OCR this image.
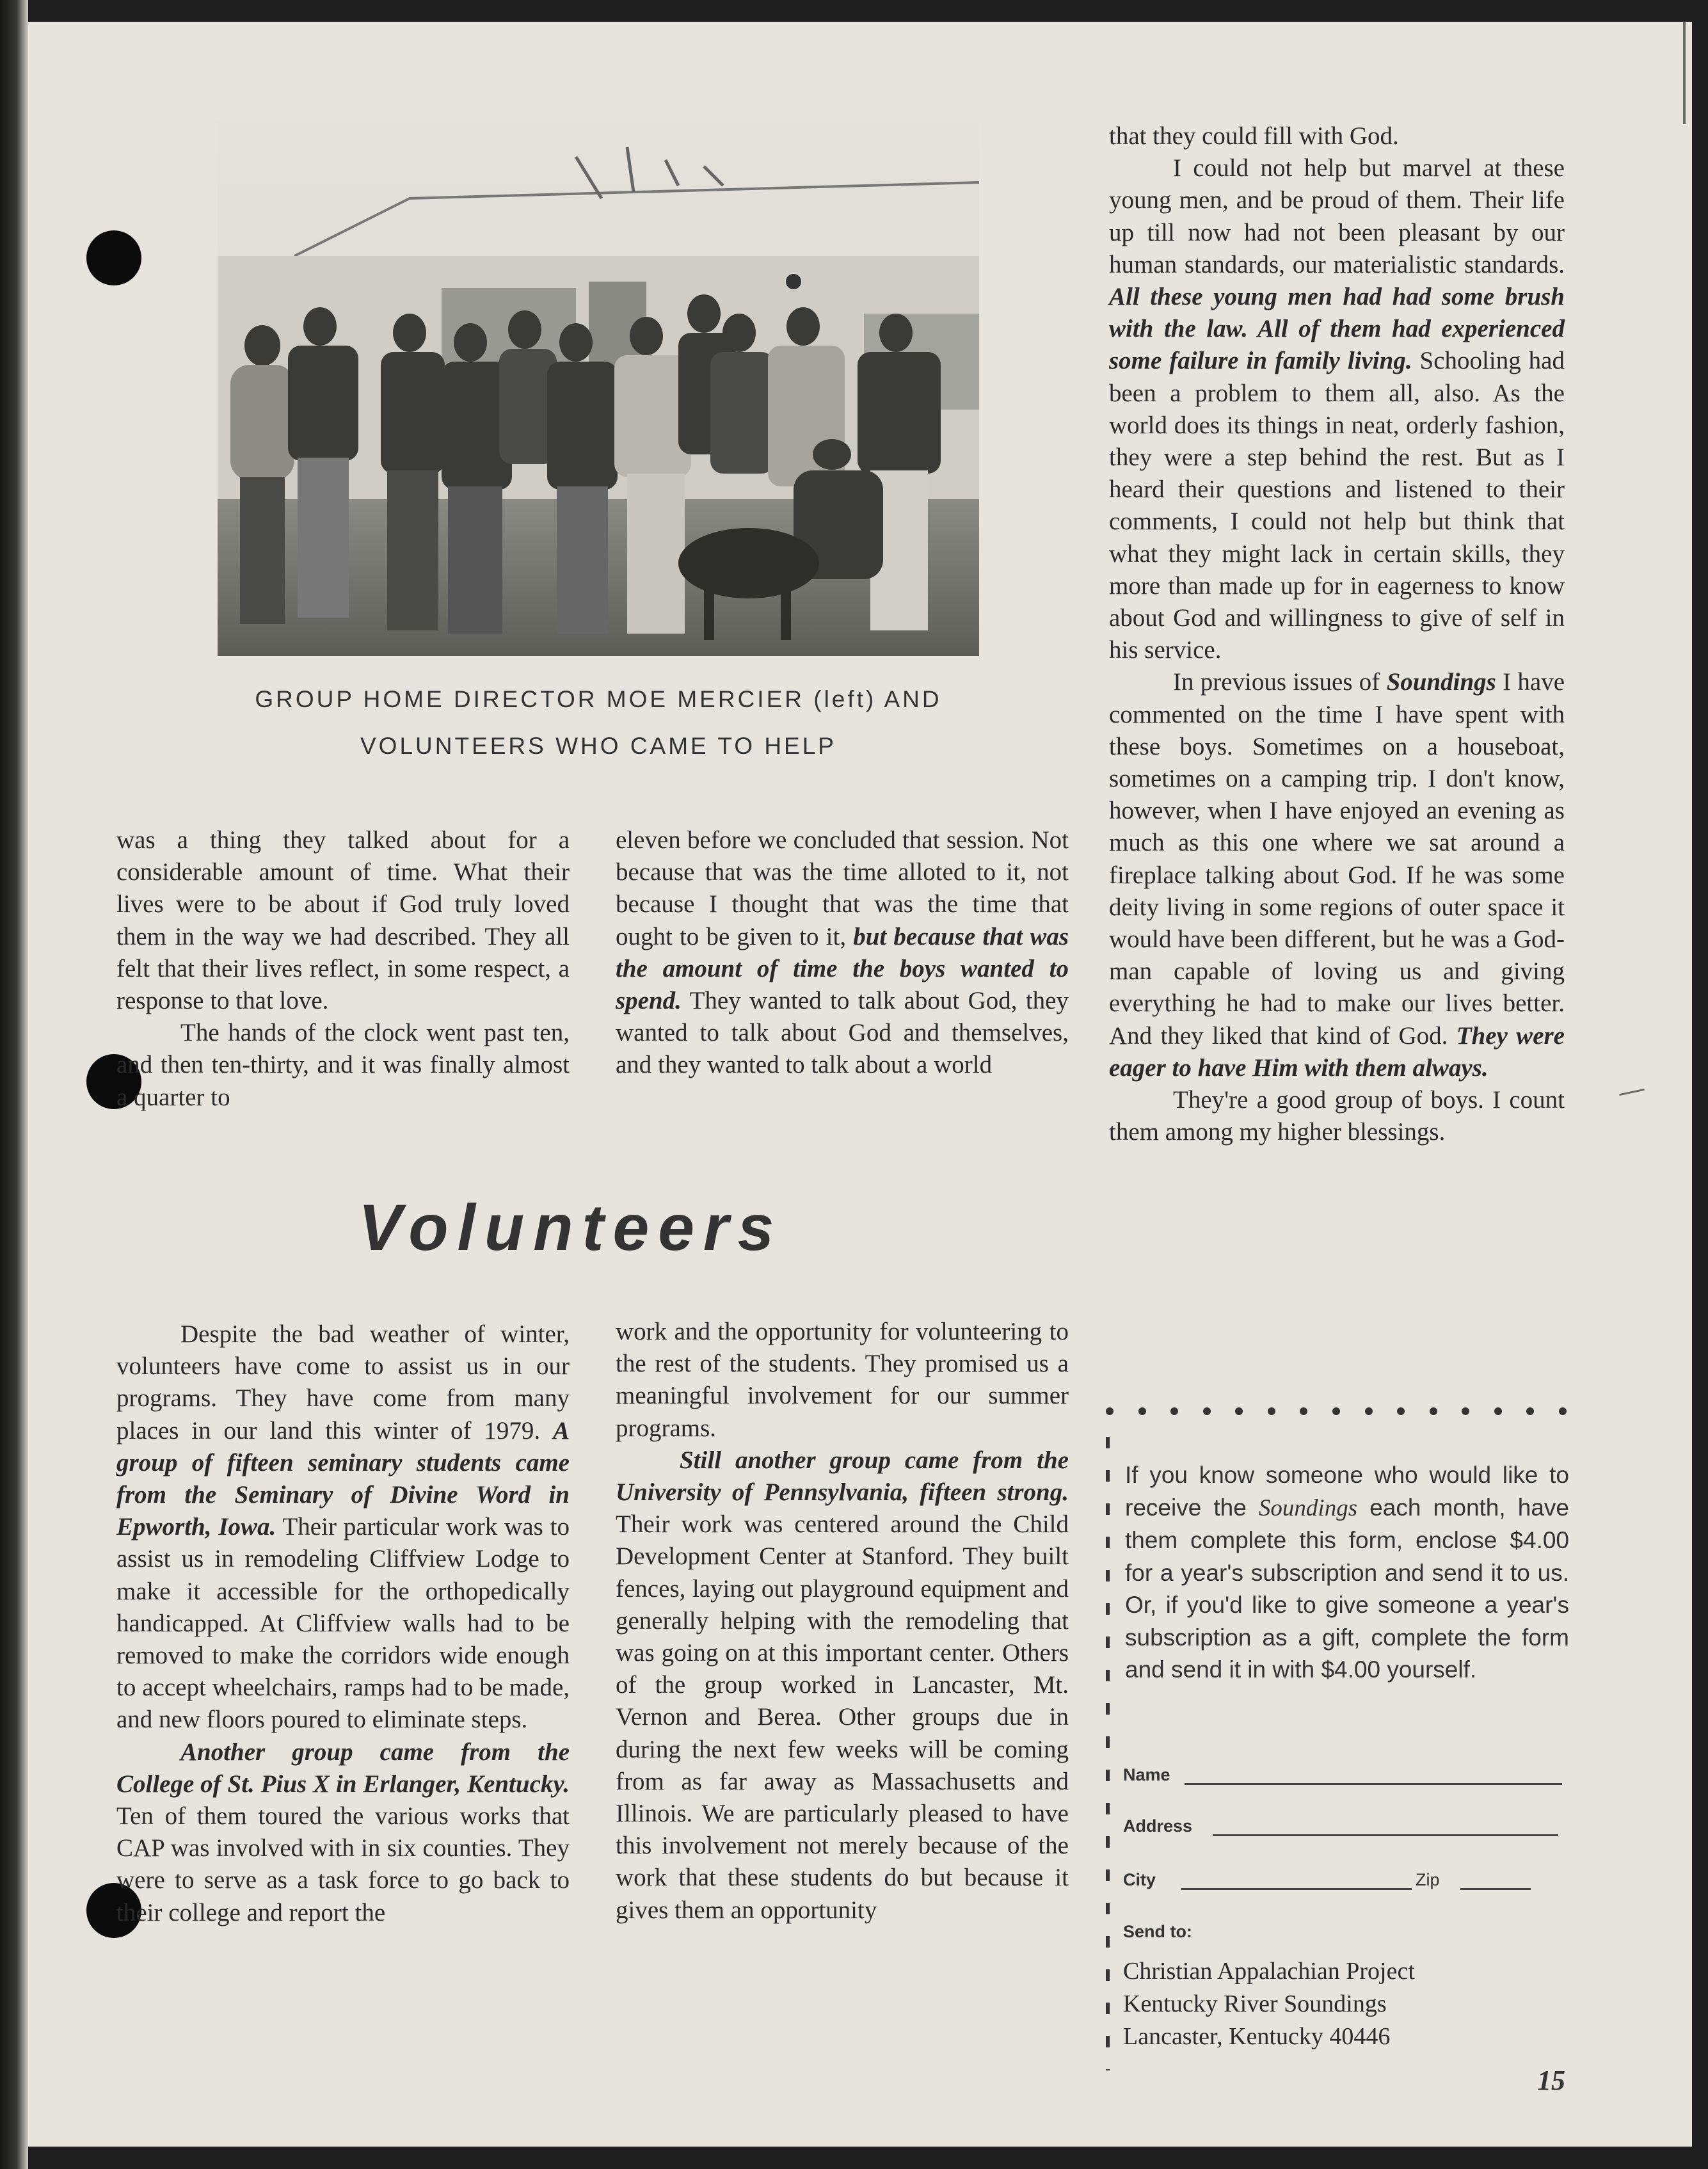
GROUP HOME DIRECTOR MOE MERCIER (left) AND
VOLUNTEERS WHO CAME TO HELP

was a thing they talked about for a considerable amount of time. What their lives were to be about if God truly loved them in the way we had described. They all felt that their lives reflect, in some respect, a response to that love.

The hands of the clock went past ten, and then ten-thirty, and it was finally almost a quarter to

eleven before we concluded that session. Not because that was the time alloted to it, not because I thought that was the time that ought to be given to it, but because that was the amount of time the boys wanted to spend. They wanted to talk about God, they wanted to talk about God and themselves, and they wanted to talk about a world

that they could fill with God.

I could not help but marvel at these young men, and be proud of them. Their life up till now had not been pleasant by our human standards, our materialistic standards. All these young men had had some brush with the law. All of them had experienced some failure in family living. Schooling had been a problem to them all, also. As the world does its things in neat, orderly fashion, they were a step behind the rest. But as I heard their questions and listened to their comments, I could not help but think that what they might lack in certain skills, they more than made up for in eagerness to know about God and willingness to give of self in his service.

In previous issues of Soundings I have commented on the time I have spent with these boys. Sometimes on a houseboat, sometimes on a camping trip. I don't know, however, when I have enjoyed an evening as much as this one where we sat around a fireplace talking about God. If he was some deity living in some regions of outer space it would have been different, but he was a God-man capable of loving us and giving everything he had to make our lives better. And they liked that kind of God. They were eager to have Him with them always.

They're a good group of boys. I count them among my higher blessings.

Volunteers

Despite the bad weather of winter, volunteers have come to assist us in our programs. They have come from many places in our land this winter of 1979. A group of fifteen seminary students came from the Seminary of Divine Word in Epworth, Iowa. Their particular work was to assist us in remodeling Cliffview Lodge to make it accessible for the orthopedically handicapped. At Cliffview walls had to be removed to make the corridors wide enough to accept wheelchairs, ramps had to be made, and new floors poured to eliminate steps.

Another group came from the College of St. Pius X in Erlanger, Kentucky. Ten of them toured the various works that CAP was involved with in six counties. They were to serve as a task force to go back to their college and report the

work and the opportunity for volunteering to the rest of the students. They promised us a meaningful involvement for our summer programs.

Still another group came from the University of Pennsylvania, fifteen strong. Their work was centered around the Child Development Center at Stanford. They built fences, laying out playground equipment and generally helping with the remodeling that was going on at this important center. Others of the group worked in Lancaster, Mt. Vernon and Berea. Other groups due in during the next few weeks will be coming from as far away as Massachusetts and Illinois. We are particularly pleased to have this involvement not merely because of the work that these students do but because it gives them an opportunity

If you know someone who would like to receive the Soundings each month, have them complete this form, enclose $4.00 for a year's subscription and send it to us. Or, if you'd like to give someone a year's subscription as a gift, complete the form and send it in with $4.00 yourself.
Name
Address
City	Zip
Send to:
Christian Appalachian Project
Kentucky River Soundings
Lancaster, Kentucky 40446
15
